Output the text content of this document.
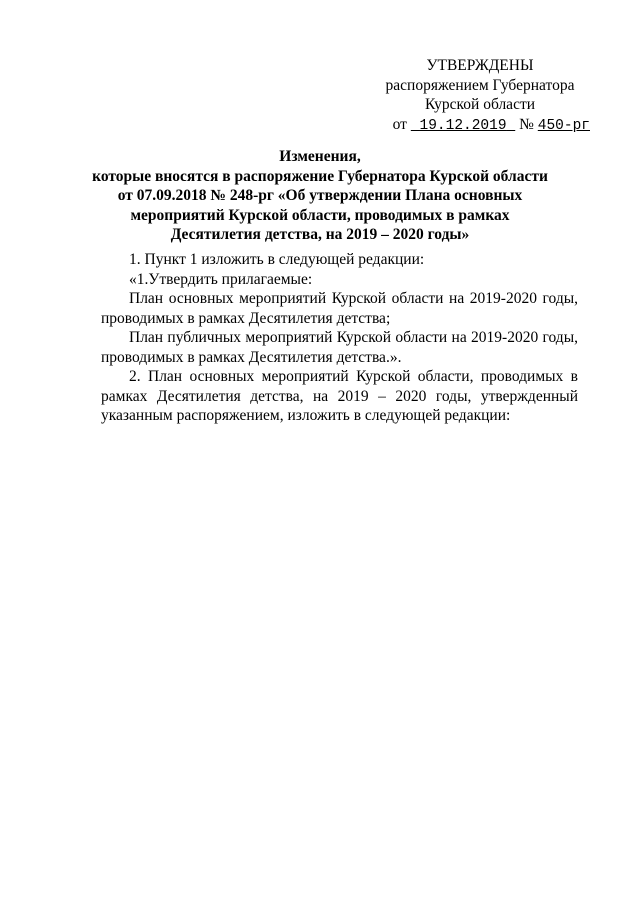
УТВЕРЖДЕНЫ
распоряжением Губернатора
Курской области
от 19.12.2019 № 450-рг
Изменения,
которые вносятся в распоряжение Губернатора Курской области
от 07.09.2018 № 248-рг «Об утверждении Плана основных
мероприятий Курской области, проводимых в рамках
Десятилетия детства, на 2019 – 2020 годы»
1. Пункт 1 изложить в следующей редакции:
«1.Утвердить прилагаемые:
План основных мероприятий Курской области на 2019-2020 годы,
проводимых в рамках Десятилетия детства;
План публичных мероприятий Курской области на 2019-2020 годы,
проводимых в рамках Десятилетия детства.».
2. План основных мероприятий Курской области, проводимых в
рамках Десятилетия детства, на 2019 – 2020 годы, утвержденный
указанным распоряжением, изложить в следующей редакции:
